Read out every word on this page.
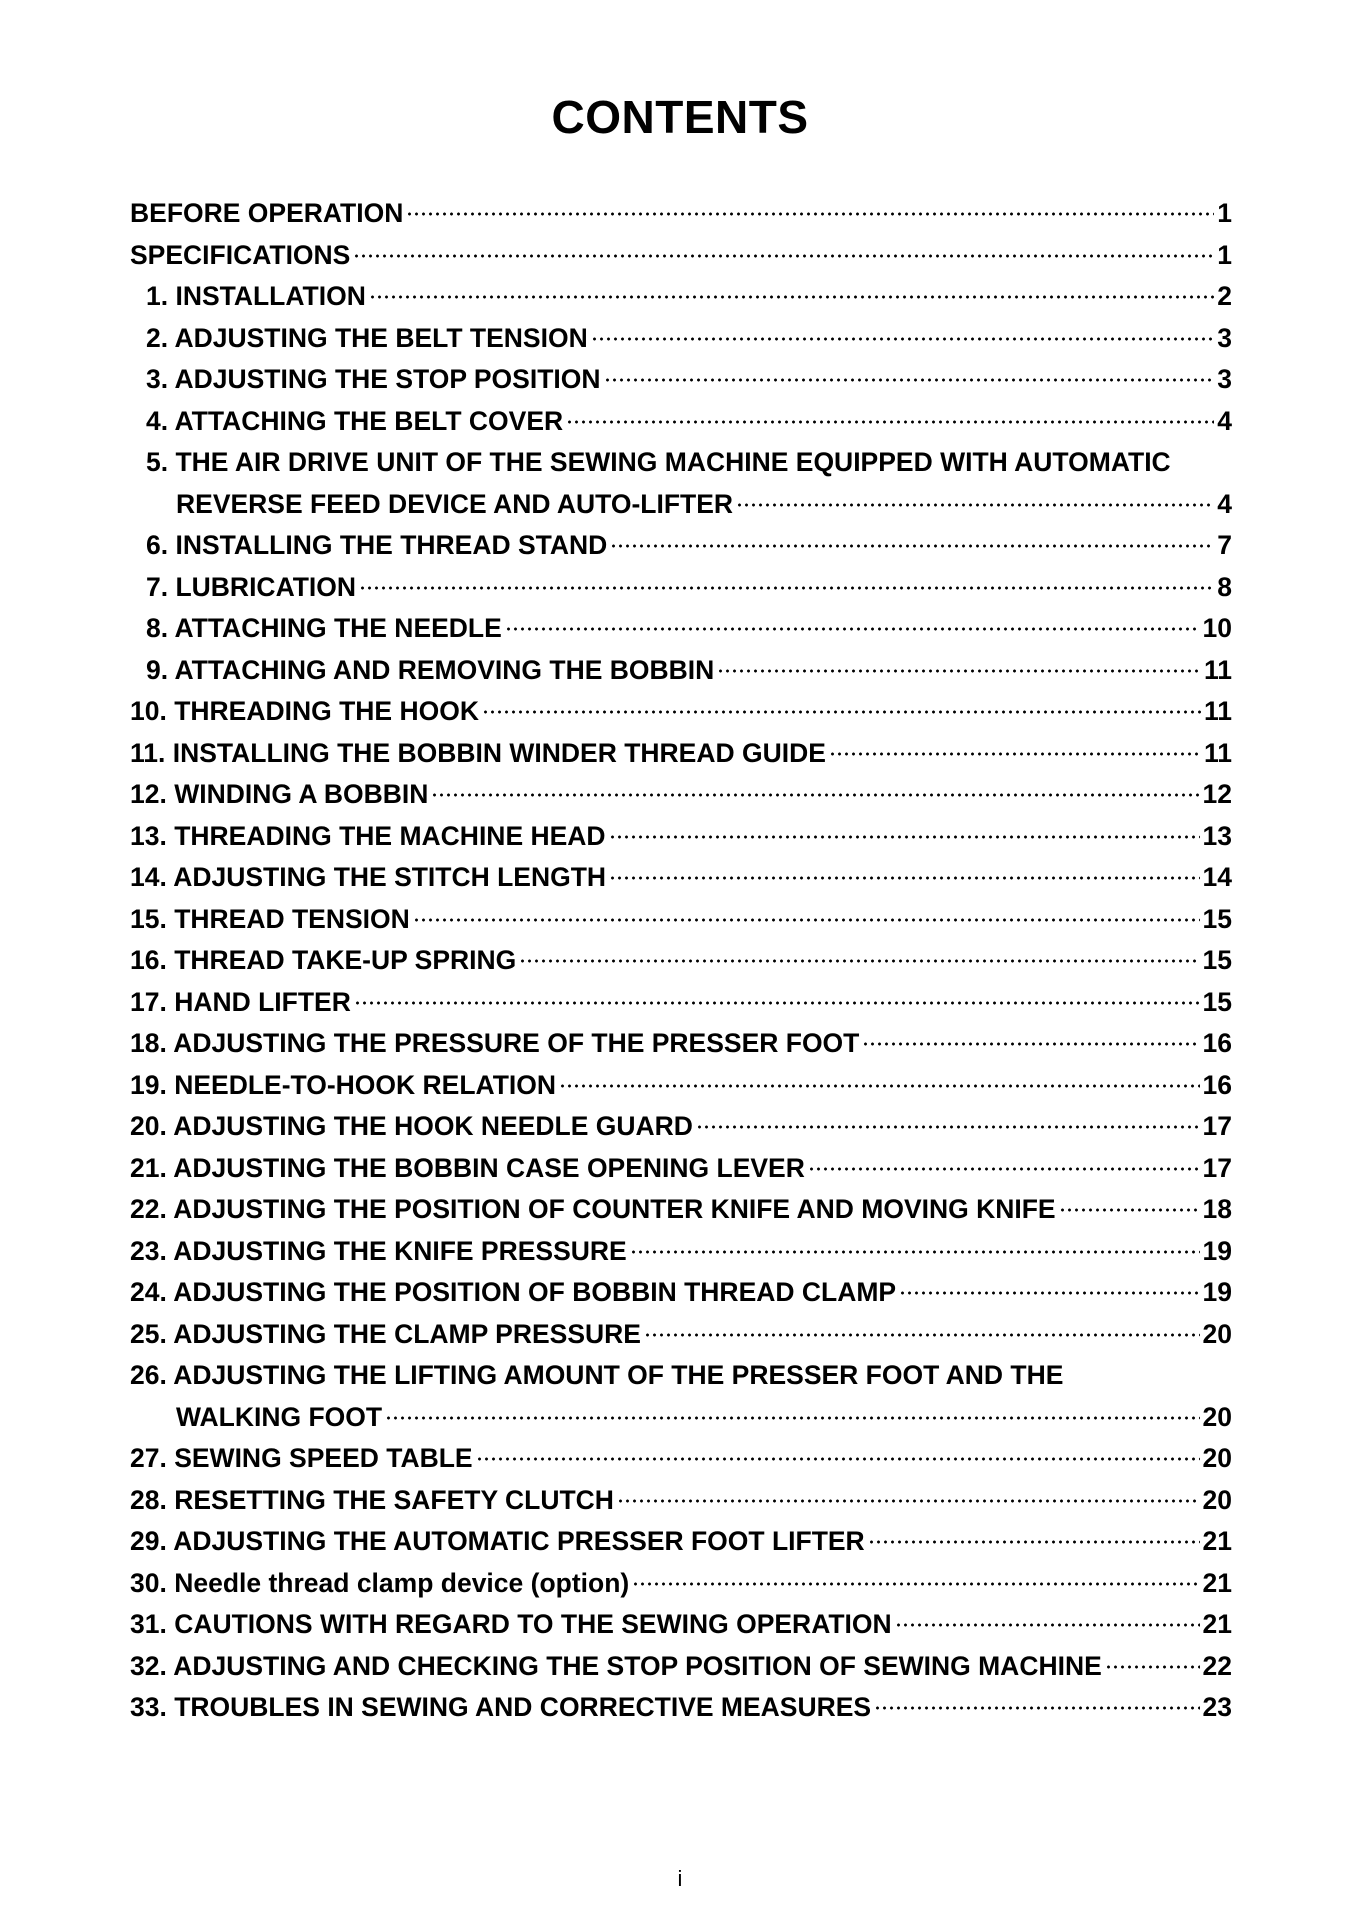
CONTENTS
BEFORE OPERATION	1
SPECIFICATIONS	1
1. INSTALLATION	2
2. ADJUSTING THE BELT TENSION	3
3. ADJUSTING THE STOP POSITION	3
4. ATTACHING THE BELT COVER	4
5. THE AIR DRIVE UNIT OF THE SEWING MACHINE EQUIPPED WITH AUTOMATIC
REVERSE FEED DEVICE AND AUTO-LIFTER	4
6. INSTALLING THE THREAD STAND	7
7. LUBRICATION	8
8. ATTACHING THE NEEDLE	10
9. ATTACHING AND REMOVING THE BOBBIN	11
10. THREADING THE HOOK	11
11. INSTALLING THE BOBBIN WINDER THREAD GUIDE	11
12. WINDING A BOBBIN	12
13. THREADING THE MACHINE HEAD	13
14. ADJUSTING THE STITCH LENGTH	14
15. THREAD TENSION	15
16. THREAD TAKE-UP SPRING	15
17. HAND LIFTER	15
18. ADJUSTING THE PRESSURE OF THE PRESSER FOOT	16
19. NEEDLE-TO-HOOK RELATION	16
20. ADJUSTING THE HOOK NEEDLE GUARD	17
21. ADJUSTING THE BOBBIN CASE OPENING LEVER	17
22. ADJUSTING THE POSITION OF COUNTER KNIFE AND MOVING KNIFE	18
23. ADJUSTING THE KNIFE PRESSURE	19
24. ADJUSTING THE POSITION OF BOBBIN THREAD CLAMP	19
25. ADJUSTING THE CLAMP PRESSURE	20
26. ADJUSTING THE LIFTING AMOUNT OF THE PRESSER FOOT AND THE
WALKING FOOT	20
27. SEWING SPEED TABLE	20
28. RESETTING THE SAFETY CLUTCH	20
29. ADJUSTING THE AUTOMATIC PRESSER FOOT LIFTER	21
30. Needle thread clamp device (option)	21
31. CAUTIONS WITH REGARD TO THE SEWING OPERATION	21
32. ADJUSTING AND CHECKING THE STOP POSITION OF SEWING MACHINE	22
33. TROUBLES IN SEWING AND CORRECTIVE MEASURES	23
i
